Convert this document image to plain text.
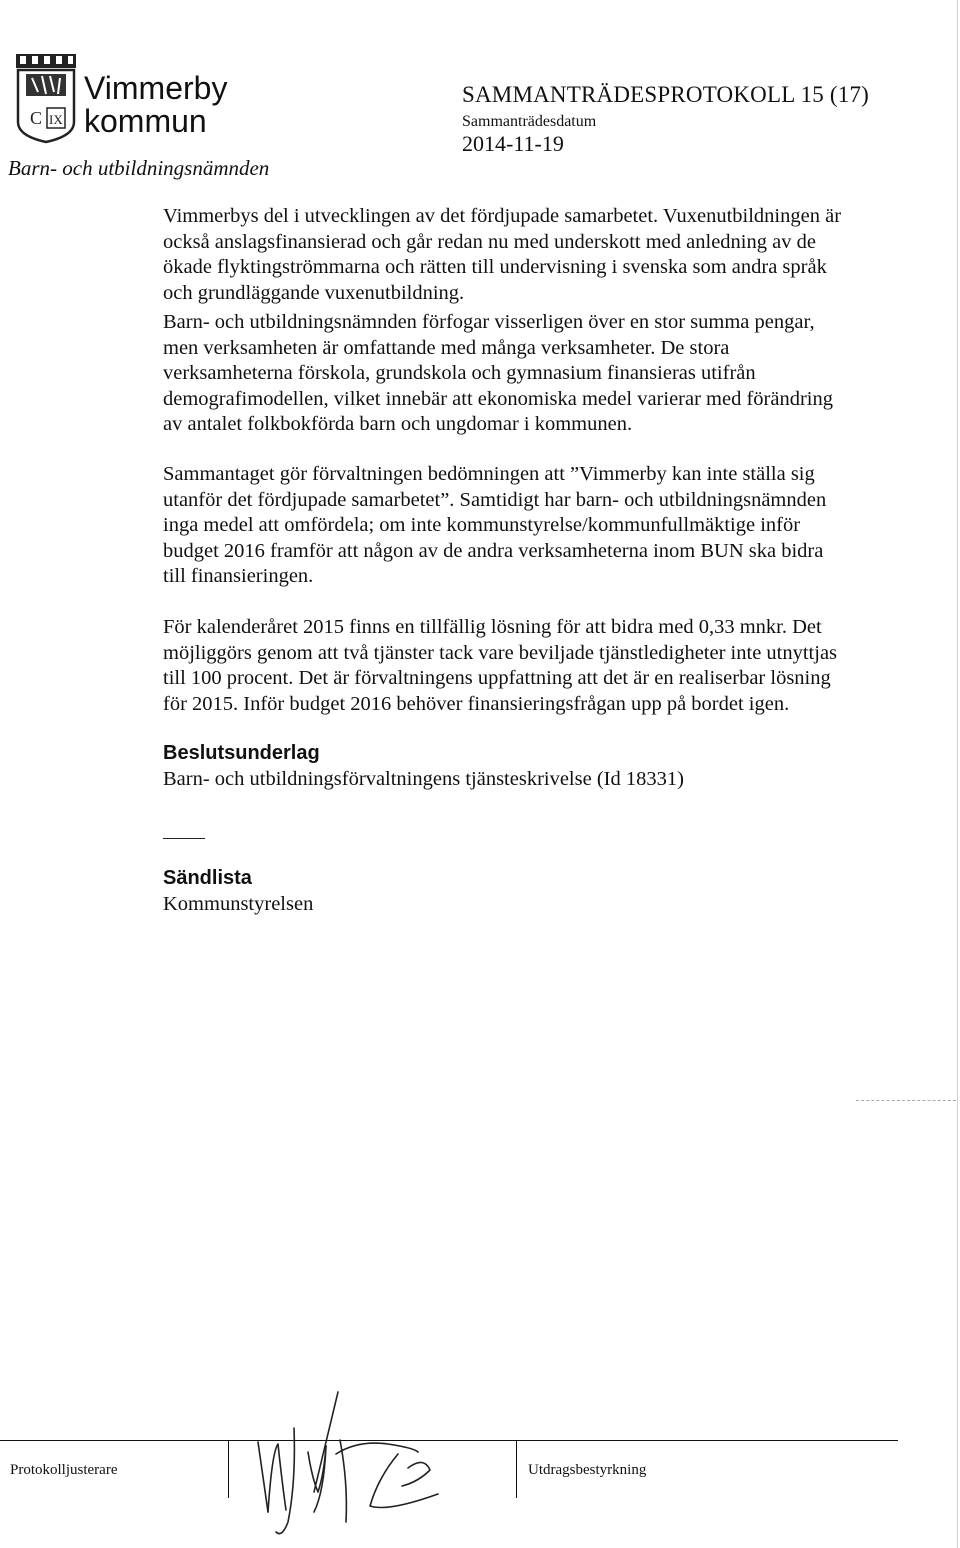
C IX
Vimmerby
kommun
Barn- och utbildningsnämnden
SAMMANTRÄDESPROTOKOLL 15 (17)
Sammanträdesdatum
2014-11-19

Vimmerbys del i utvecklingen av det fördjupade samarbetet. Vuxenutbildningen är

också anslagsfinansierad och går redan nu med underskott med anledning av de

ökade flyktingströmmarna och rätten till undervisning i svenska som andra språk

och grundläggande vuxenutbildning.

Barn- och utbildningsnämnden förfogar visserligen över en stor summa pengar,

men verksamheten är omfattande med många verksamheter. De stora

verksamheterna förskola, grundskola och gymnasium finansieras utifrån

demografimodellen, vilket innebär att ekonomiska medel varierar med förändring

av antalet folkbokförda barn och ungdomar i kommunen.

Sammantaget gör förvaltningen bedömningen att ”Vimmerby kan inte ställa sig

utanför det fördjupade samarbetet”. Samtidigt har barn- och utbildningsnämnden

inga medel att omfördela; om inte kommunstyrelse/kommunfullmäktige inför

budget 2016 framför att någon av de andra verksamheterna inom BUN ska bidra

till finansieringen.

För kalenderåret 2015 finns en tillfällig lösning för att bidra med 0,33 mnkr. Det

möjliggörs genom att två tjänster tack vare beviljade tjänstledigheter inte utnyttjas

till 100 procent. Det är förvaltningens uppfattning att det är en realiserbar lösning

för 2015. Inför budget 2016 behöver finansieringsfrågan upp på bordet igen.

Beslutsunderlag

Barn- och utbildningsförvaltningens tjänsteskrivelse (Id 18331)

Sändlista

Kommunstyrelsen

Protokolljusterare	Utdragsbestyrkning
